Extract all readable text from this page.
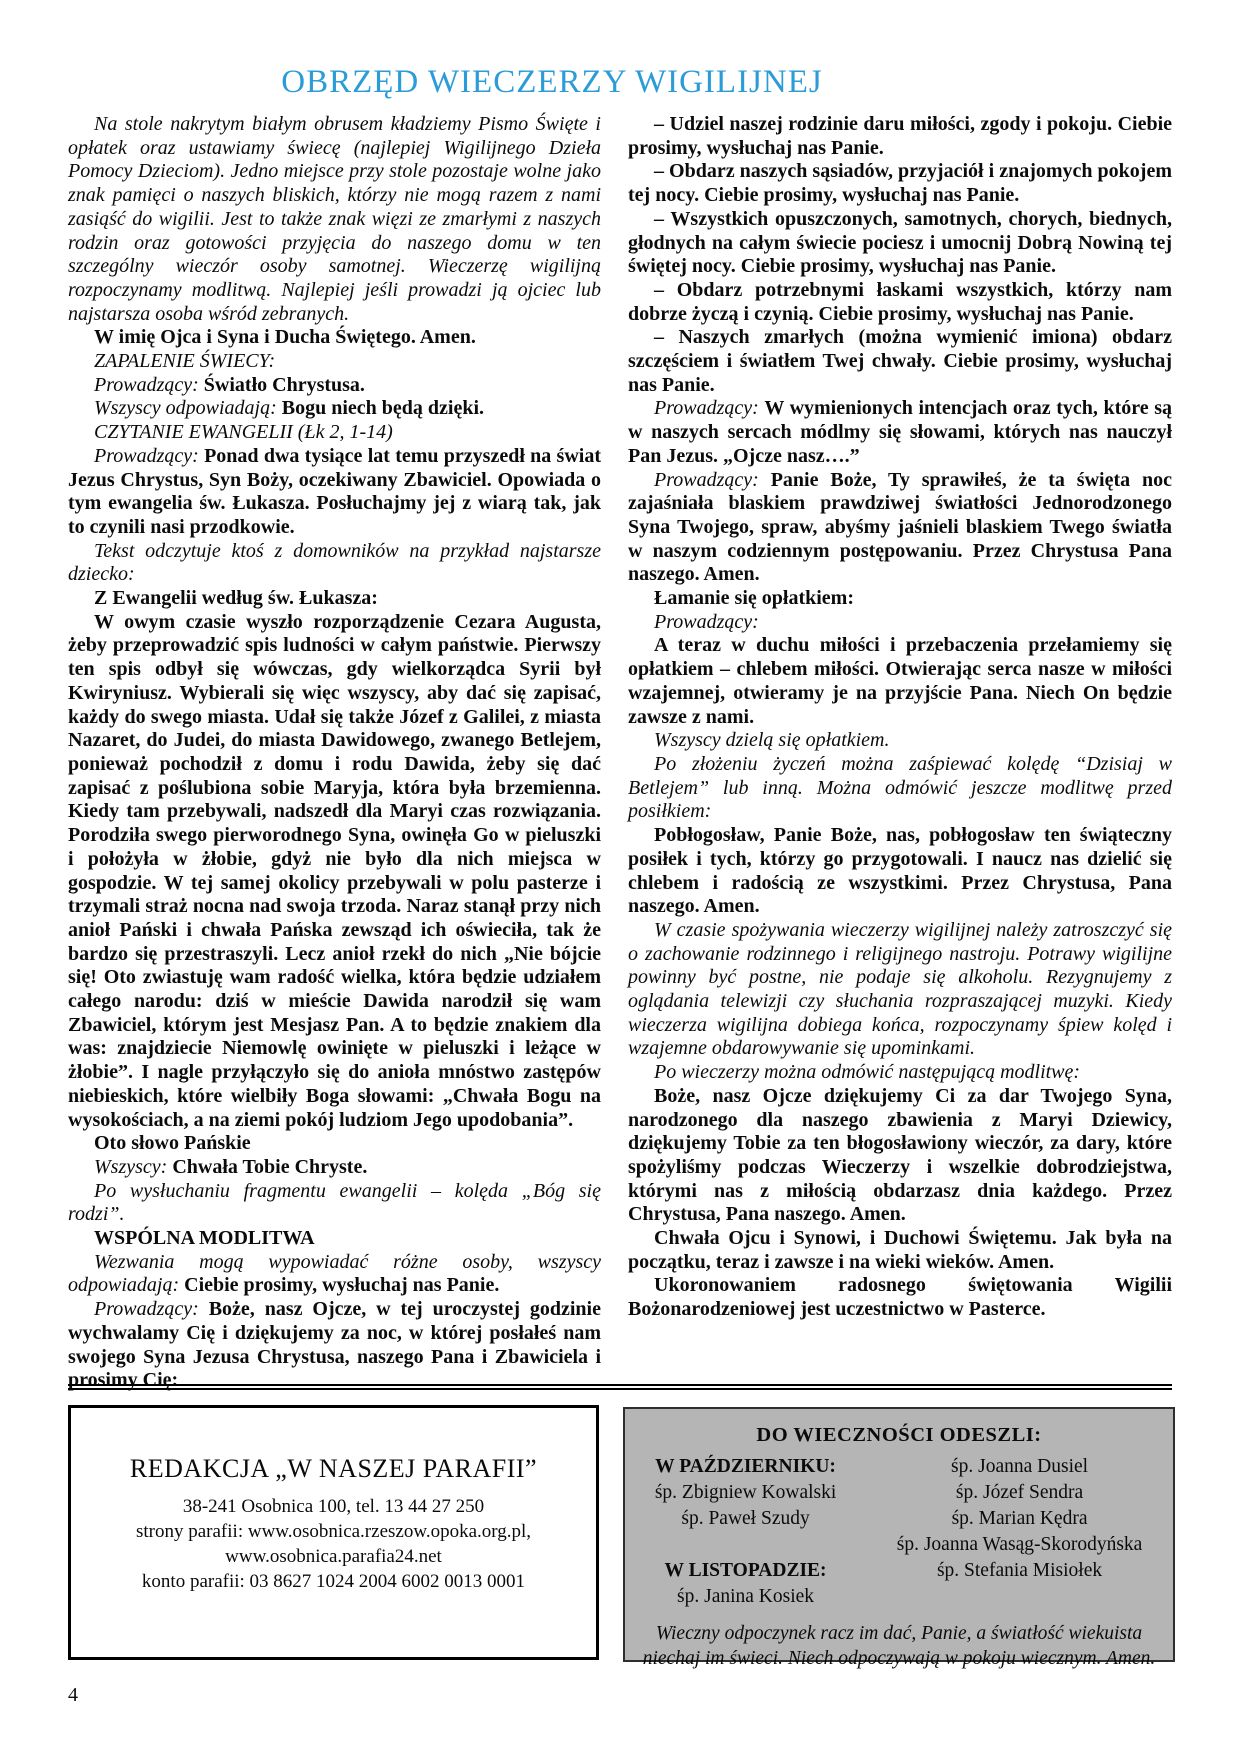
OBRZĘD WIECZERZY WIGILIJNEJ

Na stole nakrytym białym obrusem kładziemy Pismo Święte i opłatek oraz ustawiamy świecę (najlepiej Wigilijnego Dzieła Pomocy Dzieciom). Jedno miejsce przy stole pozostaje wolne jako znak pamięci o naszych bliskich, którzy nie mogą razem z nami zasiąść do wigilii. Jest to także znak więzi ze zmarłymi z naszych rodzin oraz gotowości przyjęcia do naszego domu w ten szczególny wieczór osoby samotnej. Wieczerzę wigilijną rozpoczynamy modlitwą. Najlepiej jeśli prowadzi ją ojciec lub najstarsza osoba wśród zebranych.

W imię Ojca i Syna i Ducha Świętego. Amen.

ZAPALENIE ŚWIECY:

Prowadzący: Światło Chrystusa.

Wszyscy odpowiadają: Bogu niech będą dzięki.

CZYTANIE EWANGELII (Łk 2, 1-14)

Prowadzący: Ponad dwa tysiące lat temu przyszedł na świat Jezus Chrystus, Syn Boży, oczekiwany Zbawiciel. Opowiada o tym ewangelia św. Łukasza. Posłuchajmy jej z wiarą tak, jak to czynili nasi przodkowie.

Tekst odczytuje ktoś z domowników na przykład najstarsze dziecko:

Z Ewangelii według św. Łukasza:

W owym czasie wyszło rozporządzenie Cezara Augusta, żeby przeprowadzić spis ludności w całym państwie. Pierwszy ten spis odbył się wówczas, gdy wielkorządca Syrii był Kwiryniusz. Wybierali się więc wszyscy, aby dać się zapisać, każdy do swego miasta. Udał się także Józef z Galilei, z miasta Nazaret, do Judei, do miasta Dawidowego, zwanego Betlejem, ponieważ pochodził z domu i rodu Dawida, żeby się dać zapisać z poślubiona sobie Maryja, która była brzemienna. Kiedy tam przebywali, nadszedł dla Maryi czas rozwiązania. Porodziła swego pierworodnego Syna, owinęła Go w pieluszki i położyła w żłobie, gdyż nie było dla nich miejsca w gospodzie. W tej samej okolicy przebywali w polu pasterze i trzymali straż nocna nad swoja trzoda. Naraz stanął przy nich anioł Pański i chwała Pańska zewsząd ich oświeciła, tak że bardzo się przestraszyli. Lecz anioł rzekł do nich „Nie bójcie się! Oto zwiastuję wam radość wielka, która będzie udziałem całego narodu: dziś w mieście Dawida narodził się wam Zbawiciel, którym jest Mesjasz Pan. A to będzie znakiem dla was: znajdziecie Niemowlę owinięte w pieluszki i leżące w żłobie”. I nagle przyłączyło się do anioła mnóstwo zastępów niebieskich, które wielbiły Boga słowami: „Chwała Bogu na wysokościach, a na ziemi pokój ludziom Jego upodobania”.

Oto słowo Pańskie

Wszyscy: Chwała Tobie Chryste.

Po wysłuchaniu fragmentu ewangelii – kolęda „Bóg się rodzi”.

WSPÓLNA MODLITWA

Wezwania mogą wypowiadać różne osoby, wszyscy odpowiadają: Ciebie prosimy, wysłuchaj nas Panie.

Prowadzący: Boże, nasz Ojcze, w tej uroczystej godzinie wychwalamy Cię i dziękujemy za noc, w której posłałeś nam swojego Syna Jezusa Chrystusa, naszego Pana i Zbawiciela i prosimy Cię:

– Udziel naszej rodzinie daru miłości, zgody i pokoju. Ciebie prosimy, wysłuchaj nas Panie.

– Obdarz naszych sąsiadów, przyjaciół i znajomych pokojem tej nocy. Ciebie prosimy, wysłuchaj nas Panie.

– Wszystkich opuszczonych, samotnych, chorych, biednych, głodnych na całym świecie pociesz i umocnij Dobrą Nowiną tej świętej nocy. Ciebie prosimy, wysłuchaj nas Panie.

– Obdarz potrzebnymi łaskami wszystkich, którzy nam dobrze życzą i czynią. Ciebie prosimy, wysłuchaj nas Panie.

– Naszych zmarłych (można wymienić imiona) obdarz szczęściem i światłem Twej chwały. Ciebie prosimy, wysłuchaj nas Panie.

Prowadzący: W wymienionych intencjach oraz tych, które są w naszych sercach módlmy się słowami, których nas nauczył Pan Jezus. „Ojcze nasz….”

Prowadzący: Panie Boże, Ty sprawiłeś, że ta święta noc zajaśniała blaskiem prawdziwej światłości Jednorodzonego Syna Twojego, spraw, abyśmy jaśnieli blaskiem Twego światła w naszym codziennym postępowaniu. Przez Chrystusa Pana naszego. Amen.

Łamanie się opłatkiem:

Prowadzący:

A teraz w duchu miłości i przebaczenia przełamiemy się opłatkiem – chlebem miłości. Otwierając serca nasze w miłości wzajemnej, otwieramy je na przyjście Pana. Niech On będzie zawsze z nami.

Wszyscy dzielą się opłatkiem.

Po złożeniu życzeń można zaśpiewać kolędę “Dzisiaj w Betlejem” lub inną. Można odmówić jeszcze modlitwę przed posiłkiem:

Pobłogosław, Panie Boże, nas, pobłogosław ten świąteczny posiłek i tych, którzy go przygotowali. I naucz nas dzielić się chlebem i radością ze wszystkimi. Przez Chrystusa, Pana naszego. Amen.

W czasie spożywania wieczerzy wigilijnej należy zatroszczyć się o zachowanie rodzinnego i religijnego nastroju. Potrawy wigilijne powinny być postne, nie podaje się alkoholu. Rezygnujemy z oglądania telewizji czy słuchania rozpraszającej muzyki. Kiedy wieczerza wigilijna dobiega końca, rozpoczynamy śpiew kolęd i wzajemne obdarowywanie się upominkami.

Po wieczerzy można odmówić następującą modlitwę:

Boże, nasz Ojcze dziękujemy Ci za dar Twojego Syna, narodzonego dla naszego zbawienia z Maryi Dziewicy, dziękujemy Tobie za ten błogosławiony wieczór, za dary, które spożyliśmy podczas Wieczerzy i wszelkie dobrodziejstwa, którymi nas z miłością obdarzasz dnia każdego. Przez Chrystusa, Pana naszego. Amen.

Chwała Ojcu i Synowi, i Duchowi Świętemu. Jak była na początku, teraz i zawsze i na wieki wieków. Amen.

Ukoronowaniem radosnego świętowania Wigilii Bożonarodzeniowej jest uczestnictwo w Pasterce.

REDAKCJA „W NASZEJ PARAFII”
38-241 Osobnica 100, tel. 13 44 27 250
strony parafii: www.osobnica.rzeszow.opoka.org.pl,
www.osobnica.parafia24.net
konto parafii: 03 8627 1024 2004 6002 0013 0001
DO WIECZNOŚCI ODESZLI:
W PAŹDZIERNIKU:
śp. Zbigniew Kowalski
śp. Paweł Szudy
W LISTOPADZIE:
śp. Janina Kosiek
śp. Joanna Dusiel
śp. Józef Sendra
śp. Marian Kędra
śp. Joanna Wasąg-Skorodyńska
śp. Stefania Misiołek
Wieczny odpoczynek racz im dać, Panie, a światłość wiekuista niechaj im świeci. Niech odpoczywają w pokoju wiecznym. Amen.
4
